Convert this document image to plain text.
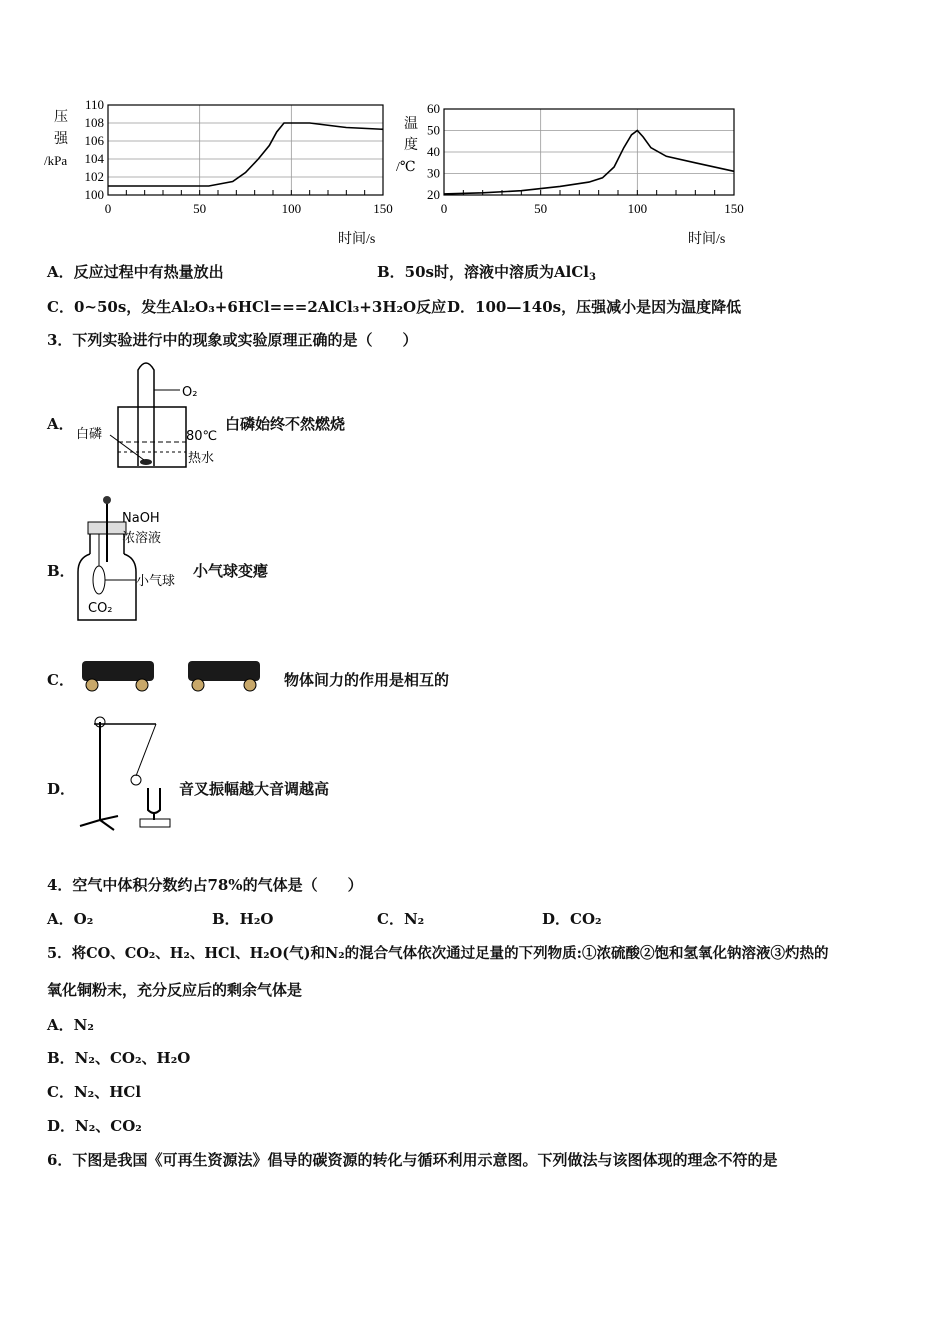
110
108
106
104
102
100
0	50	100	150
压
强
/kPa
时间/s
60
50
40
30
20
0	50	100	150
温
度
/℃
时间/s
A．反应过程中有热量放出	B．50s时，溶液中溶质为AlCl$_3$
C．0~50s，发生Al₂O₃+6HCl===2AlCl₃+3H₂O反应 D．100—140s，压强减小是因为温度降低
3．下列实验进行中的现象或实验原理正确的是（　　）
A．
O₂
白磷	80℃
热水
白磷始终不然燃烧
B．
NaOH
浓溶液
小气球
CO₂
小气球变瘪
C．	物体间力的作用是相互的
D．	音叉振幅越大音调越高
4．空气中体积分数约占78%的气体是（　　）
A．O₂	B．H₂O	C．N₂	D．CO₂
5．将CO、CO₂、H₂、HCl、H₂O(气)和N₂的混合气体依次通过足量的下列物质:①浓硫酸②饱和氢氧化钠溶液③灼热的
氧化铜粉末，充分反应后的剩余气体是
A．N₂
B．N₂、CO₂、H₂O
C．N₂、HCl
D．N₂、CO₂
6．下图是我国《可再生资源法》倡导的碳资源的转化与循环利用示意图。下列做法与该图体现的理念不符的是
